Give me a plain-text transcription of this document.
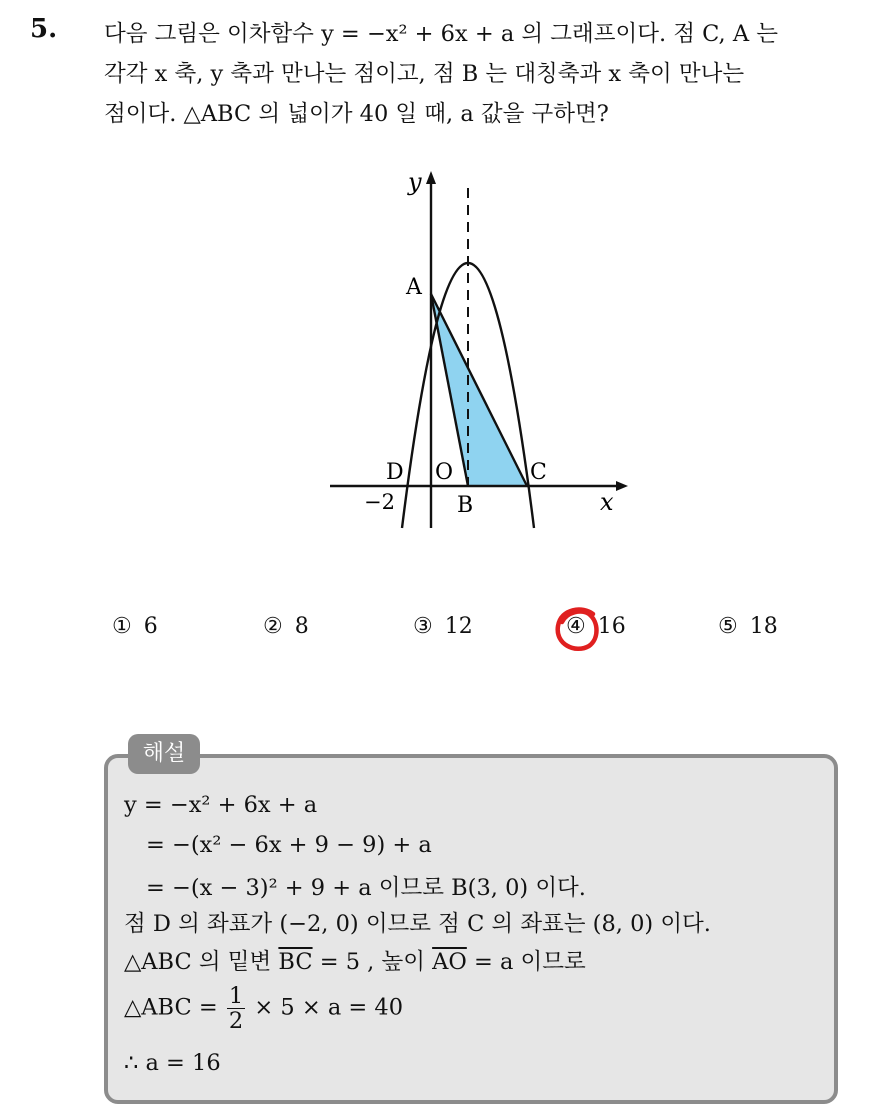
5. 다음 그림은 이차함수 y = −x² + 6x + a 의 그래프이다. 점 C, A 는
각각 x 축, y 축과 만나는 점이고, 점 B 는 대칭축과 x 축이 만나는
점이다. △ABC 의 넓이가 40 일 때, a 값을 구하면?
y
x
A
D O	C
B
−2
① 6	② 8	③ 12	④ 16	⑤ 18
해설
y = −x² + 6x + a
= −(x² − 6x + 9 − 9) + a
= −(x − 3)² + 9 + a 이므로 B(3, 0) 이다.
점 D 의 좌표가 (−2, 0) 이므로 점 C 의 좌표는 (8, 0) 이다.
△ABC 의 밑변 $\overline{BC} = 5$ , 높이 $\overline{AO} = a$ 이므로
△ABC = $\frac{1}{2} \times 5 \times a = 40$
∴ a = 16
